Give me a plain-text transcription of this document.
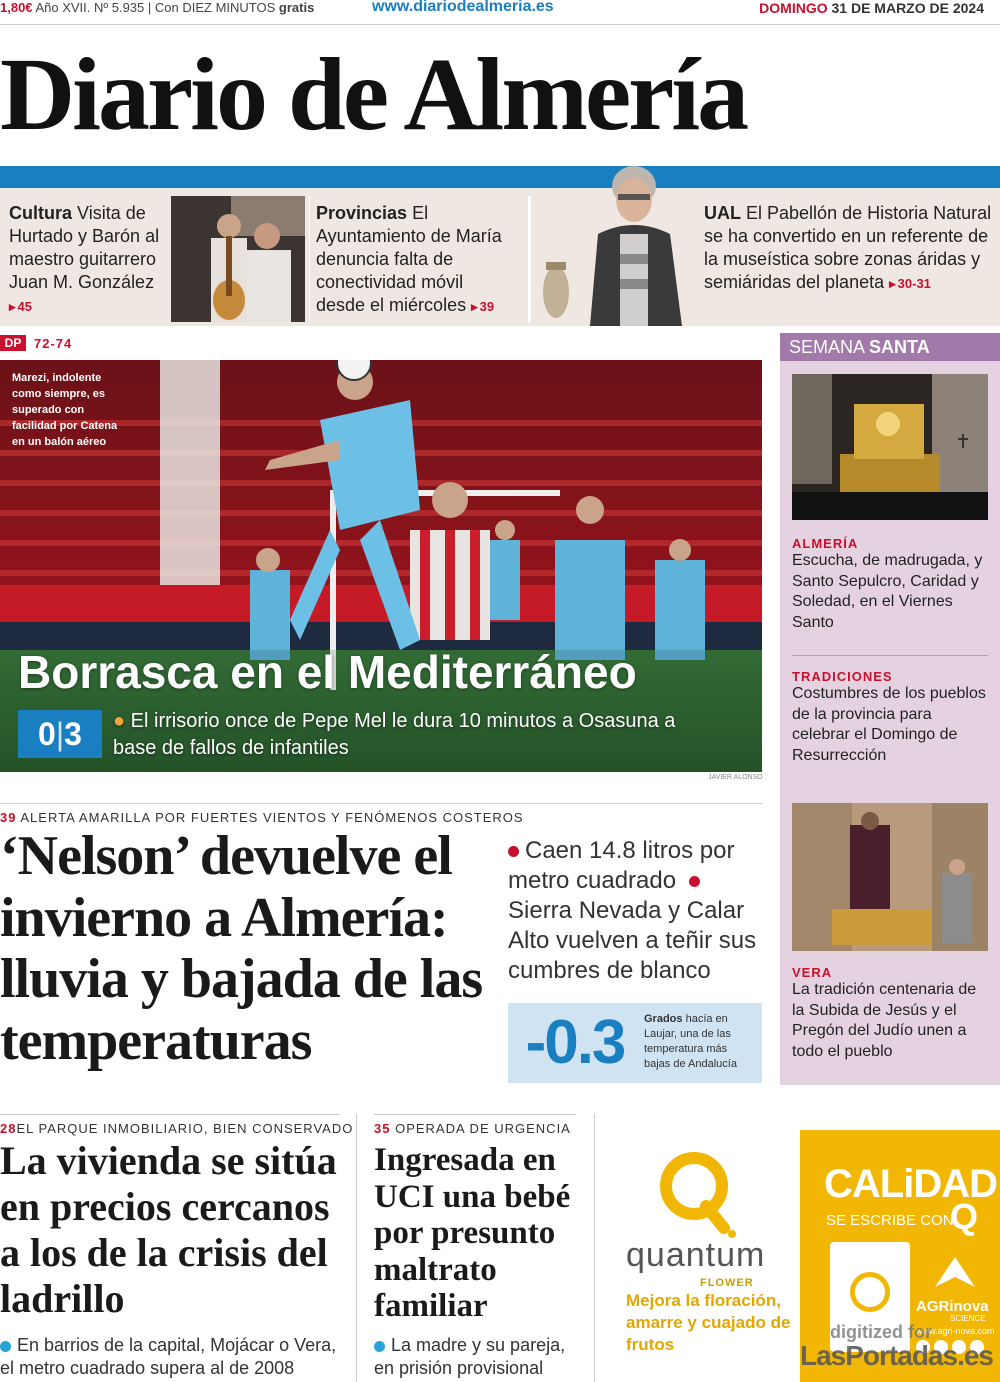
1,80€ Año XVII. Nº 5.935 | Con DIEZ MINUTOS gratis	www.diariodealmeria.es	DOMINGO 31 DE MARZO DE 2024
Diario de Almería
Cultura Visita de Hurtado y Barón al maestro guitarrero Juan M. González ▸ 45
Provincias El Ayuntamiento de María denuncia falta de conectividad móvil desde el miércoles ▸ 39
UAL El Pabellón de Historia Natural se ha convertido en un referente de la museística sobre zonas áridas y semiáridas del planeta ▸ 30-31
DP 72-74
Marezi, indolente como siempre, es superado con facilidad por Catena en un balón aéreo
Borrasca en el Mediterráneo
0|3	● El irrisorio once de Pepe Mel le dura 10 minutos a Osasuna a base de fallos de infantiles
JAVIER ALONSO
SEMANA SANTA
ALMERÍA
Escucha, de madrugada, y Santo Sepulcro, Caridad y Soledad, en el Viernes Santo
TRADICIONES
Costumbres de los pueblos de la provincia para celebrar el Domingo de Resurrección
VERA
La tradición centenaria de la Subida de Jesús y el Pregón del Judío unen a todo el pueblo
39 ALERTA AMARILLA POR FUERTES VIENTOS Y FENÓMENOS COSTEROS
‘Nelson’ devuelve el invierno a Almería: lluvia y bajada de las temperaturas
Caen 14.8 litros por metro cuadrado Sierra Nevada y Calar Alto vuelven a teñir sus cumbres de blanco
-0.3	Grados hacía en Laujar, una de las temperatura más bajas de Andalucía
28EL PARQUE INMOBILIARIO, BIEN CONSERVADO
La vivienda se sitúa en precios cercanos a los de la crisis del ladrillo
En barrios de la capital, Mojácar o Vera, el metro cuadrado supera al de 2008
35 OPERADA DE URGENCIA
Ingresada en UCI una bebé por presunto maltrato familiar
La madre y su pareja, en prisión provisional
quantum
FLOWER
Mejora la floración, amarre y cuajado de frutos
CALiDAD
SE ESCRIBE CON
Q
AGRinova
SCIENCE
www.agri-nova.com
digitized for
LasPortadas.es
